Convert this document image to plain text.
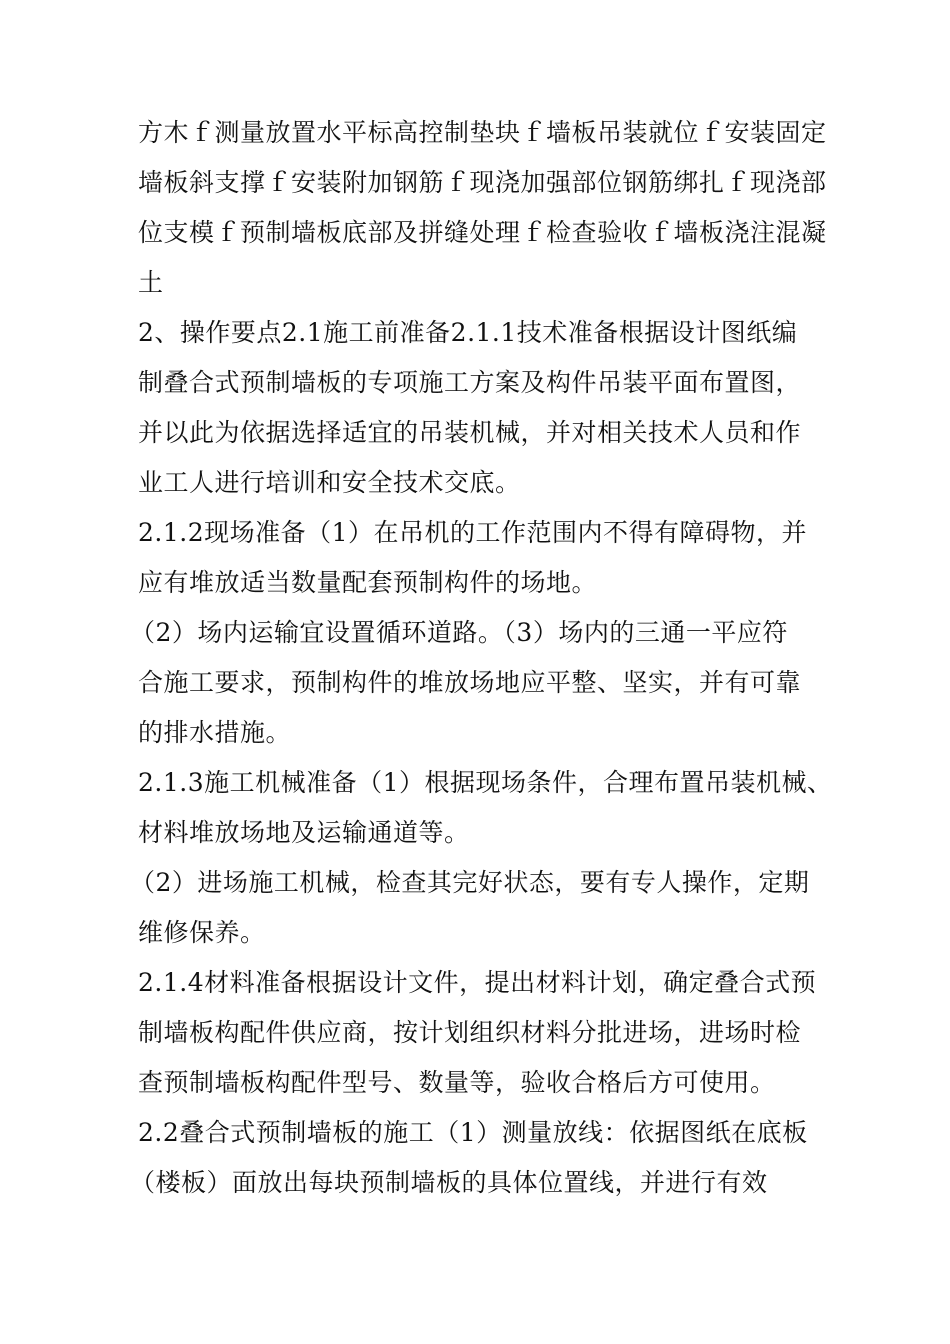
方木ｆ测量放置水平标高控制垫块ｆ墙板吊装就位ｆ安装固定
墙板斜支撑ｆ安装附加钢筋ｆ现浇加强部位钢筋绑扎ｆ现浇部
位支模ｆ预制墙板底部及拼缝处理ｆ检查验收ｆ墙板浇注混凝
土
2、操作要点2.1施工前准备2.1.1技术准备根据设计图纸编
制叠合式预制墙板的专项施工方案及构件吊装平面布置图，
并以此为依据选择适宜的吊装机械，并对相关技术人员和作
业工人进行培训和安全技术交底。
2.1.2现场准备（1）在吊机的工作范围内不得有障碍物，并
应有堆放适当数量配套预制构件的场地。
（2）场内运输宜设置循环道路。（3）场内的三通一平应符
合施工要求，预制构件的堆放场地应平整、坚实，并有可靠
的排水措施。
2.1.3施工机械准备（1）根据现场条件，合理布置吊装机械、
材料堆放场地及运输通道等。
（2）进场施工机械，检查其完好状态，要有专人操作，定期
维修保养。
2.1.4材料准备根据设计文件，提出材料计划，确定叠合式预
制墙板构配件供应商，按计划组织材料分批进场，进场时检
查预制墙板构配件型号、数量等，验收合格后方可使用。
2.2叠合式预制墙板的施工（1）测量放线：依据图纸在底板
（楼板）面放出每块预制墙板的具体位置线，并进行有效
